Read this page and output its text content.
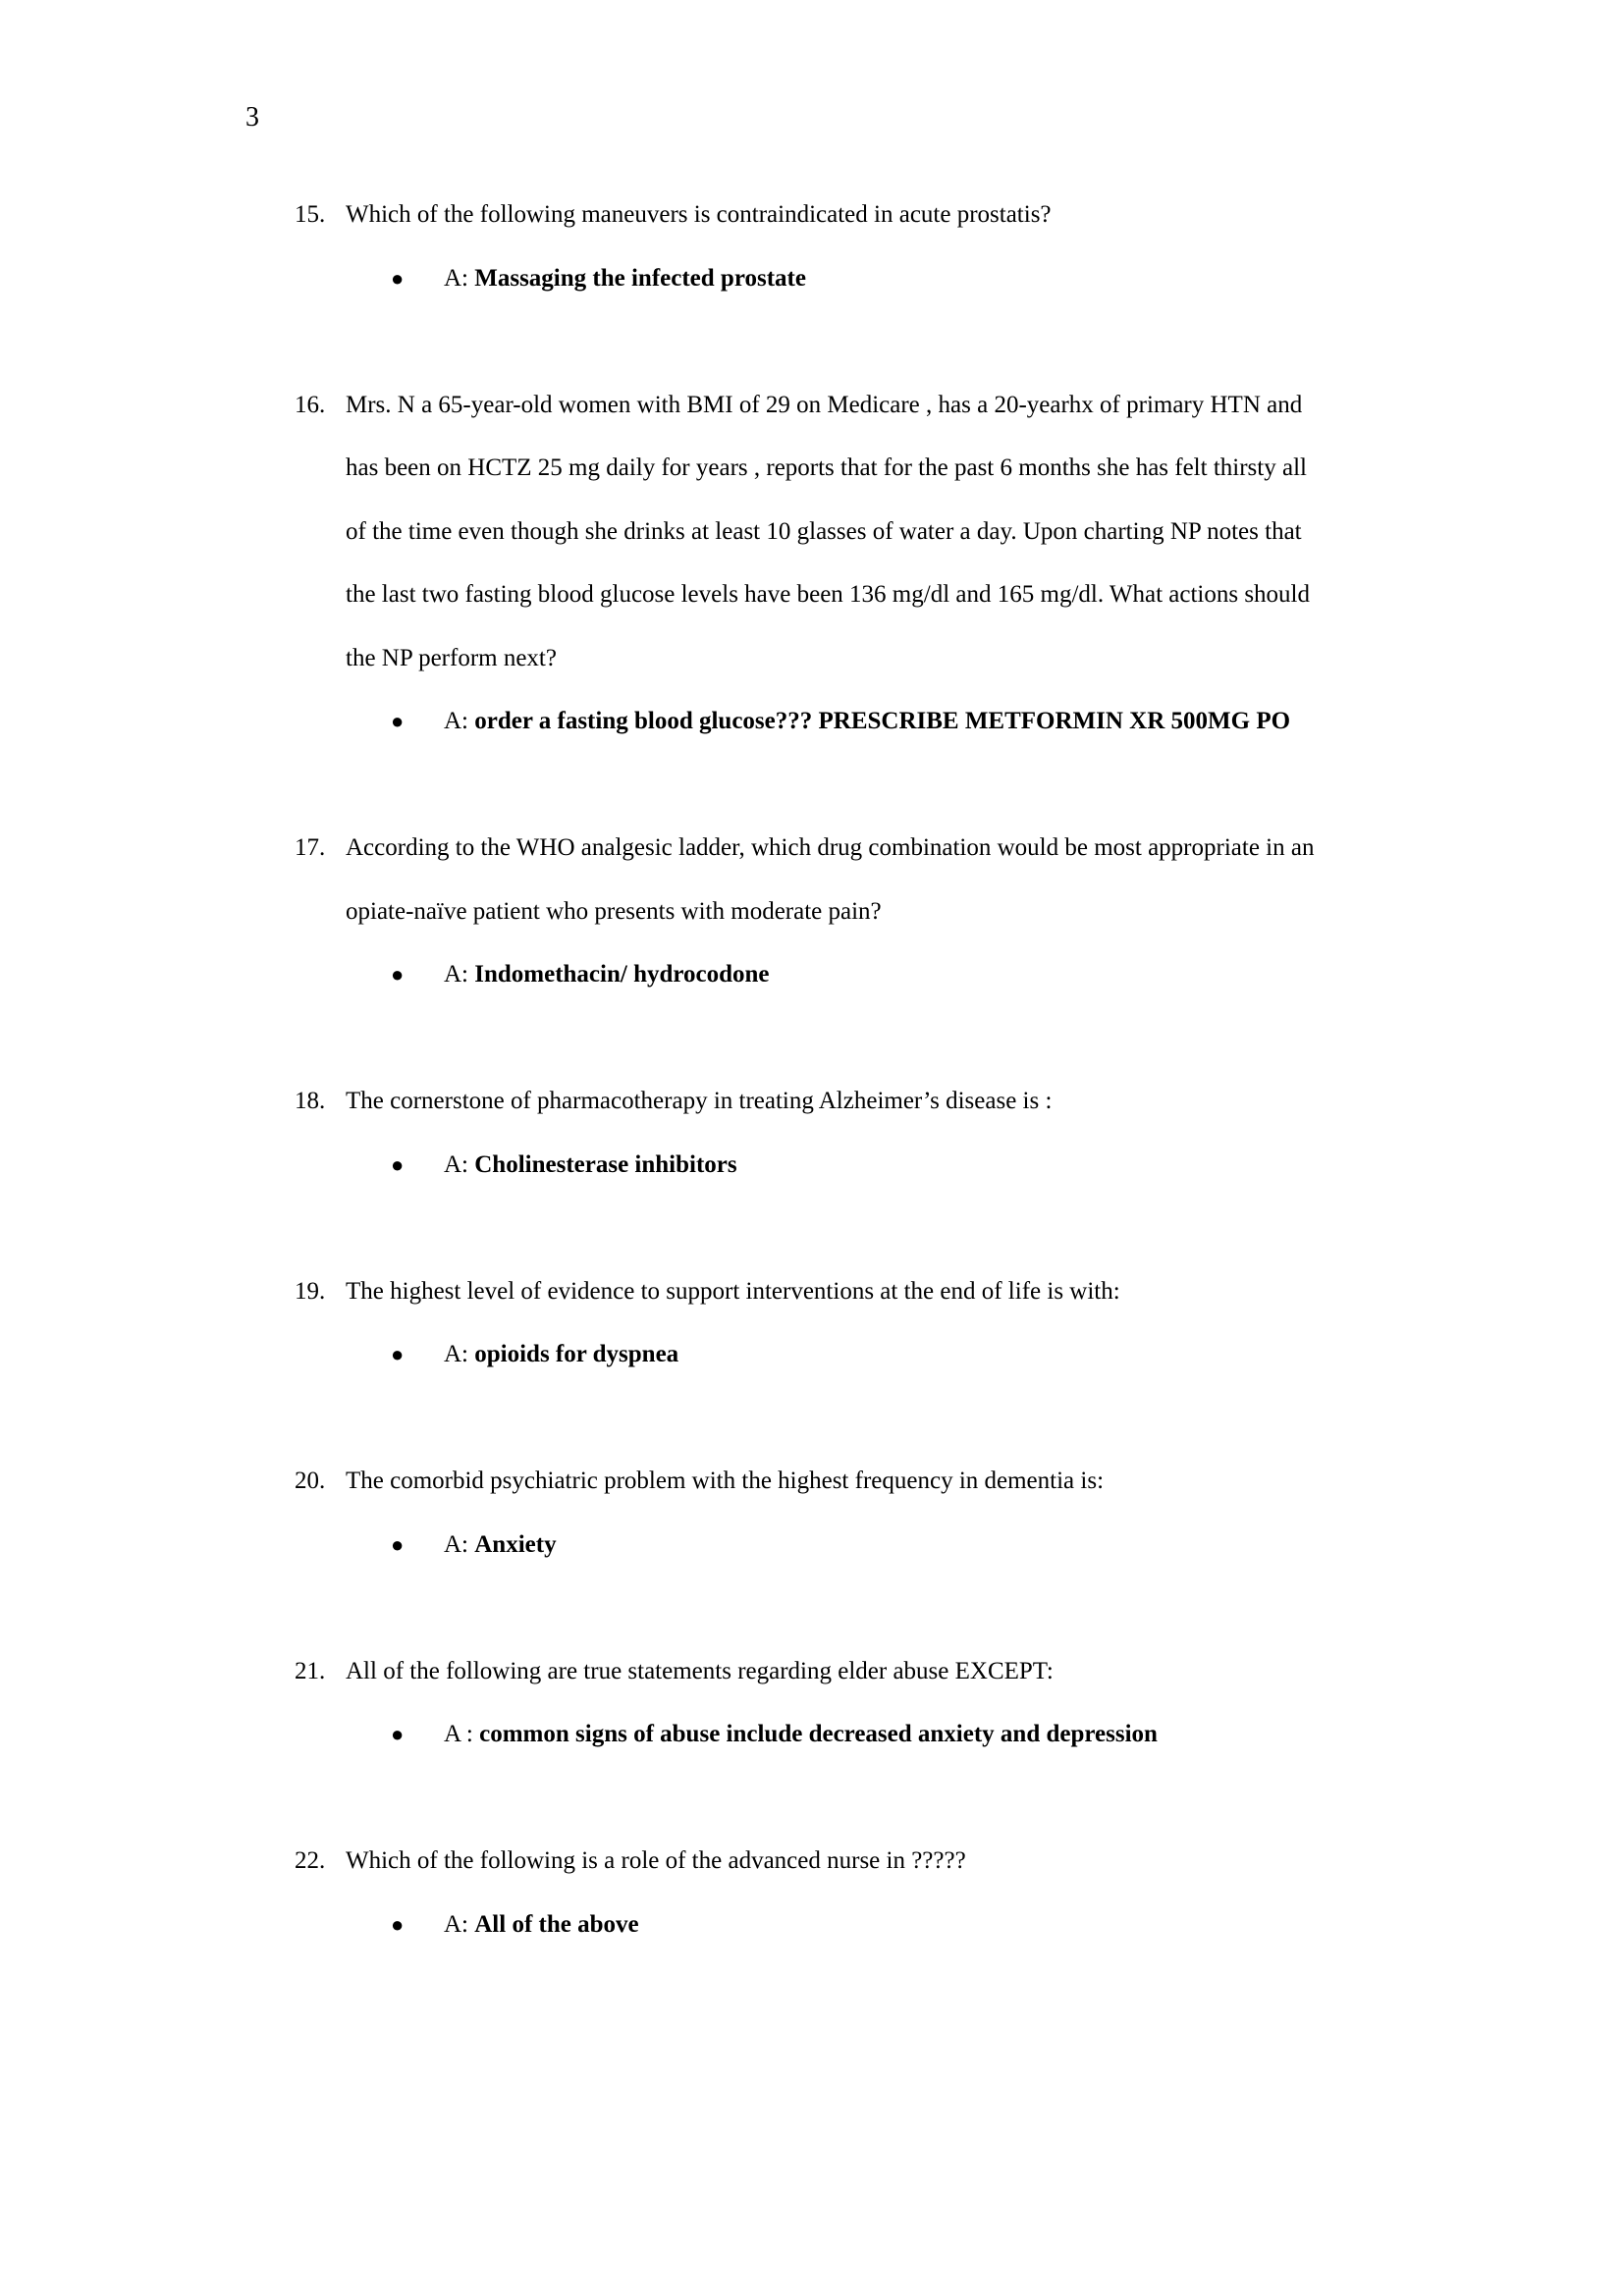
3
15. Which of the following maneuvers is contraindicated in acute prostatis?
● A: Massaging the infected prostate
16. Mrs. N a 65-year-old women with BMI of 29 on Medicare , has a 20-yearhx of primary HTN and
has been on HCTZ 25 mg daily for years , reports that for the past 6 months she has felt thirsty all
of the time even though she drinks at least 10 glasses of water a day. Upon charting NP notes that
the last two fasting blood glucose levels have been 136 mg/dl and 165 mg/dl. What actions should
the NP perform next?
● A: order a fasting blood glucose??? PRESCRIBE METFORMIN XR 500MG PO
17. According to the WHO analgesic ladder, which drug combination would be most appropriate in an
opiate-naïve patient who presents with moderate pain?
● A: Indomethacin/ hydrocodone
18. The cornerstone of pharmacotherapy in treating Alzheimer’s disease is :
● A: Cholinesterase inhibitors
19. The highest level of evidence to support interventions at the end of life is with:
● A: opioids for dyspnea
20. The comorbid psychiatric problem with the highest frequency in dementia is:
● A: Anxiety
21. All of the following are true statements regarding elder abuse EXCEPT:
● A : common signs of abuse include decreased anxiety and depression
22. Which of the following is a role of the advanced nurse in ?????
● A: All of the above
